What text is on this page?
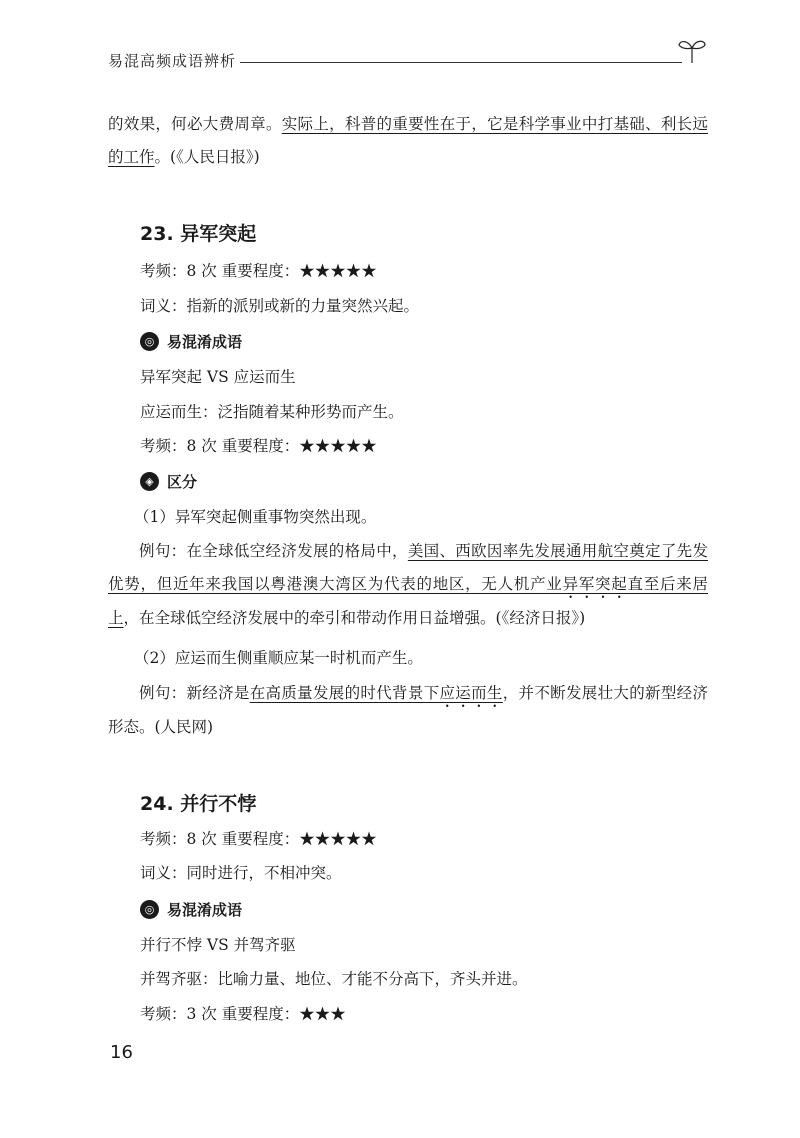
易混高频成语辨析
的效果，何必大费周章。实际上，科普的重要性在于，它是科学事业中打基础、利长远的工作。(《人民日报》)
23. 异军突起
考频：8 次 重要程度：★★★★★
词义：指新的派别或新的力量突然兴起。
◎ 易混淆成语
异军突起 VS 应运而生
应运而生：泛指随着某种形势而产生。
考频：8 次 重要程度：★★★★★
◈ 区分
（1）异军突起侧重事物突然出现。
例句：在全球低空经济发展的格局中，美国、西欧因率先发展通用航空奠定了先发优势，但近年来我国以粤港澳大湾区为代表的地区，无人机产业异军突起直至后来居上，在全球低空经济发展中的牵引和带动作用日益增强。(《经济日报》)
（2）应运而生侧重顺应某一时机而产生。
例句：新经济是在高质量发展的时代背景下应运而生，并不断发展壮大的新型经济形态。(人民网)
24. 并行不悖
考频：8 次 重要程度：★★★★★
词义：同时进行，不相冲突。
◎ 易混淆成语
并行不悖 VS 并驾齐驱
并驾齐驱：比喻力量、地位、才能不分高下，齐头并进。
考频：3 次 重要程度：★★★
16
